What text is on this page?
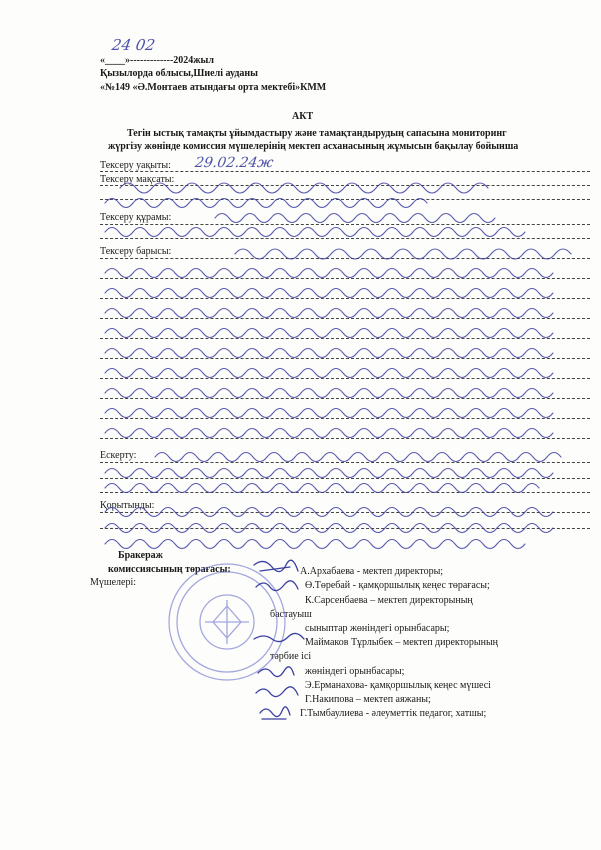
24 02
«____»-------------2024жыл
Қызылорда облысы,Шиелі ауданы
«№149 «Ә.Монтаев атындағы орта мектебі»КММ
АКТ
Тегін ыстық тамақты ұйымдастыру және тамақтандырудың сапасына мониторинг
жүргізу жөнінде комиссия мүшелерінің мектеп асханасының жұмысын бақылау бойынша
Тексеру уақыты: 29.02.24ж
Тексеру мақсаты:
Тексеру құрамы:
Тексеру барысы:
Ескерту:
Қорытынды:
Бракераж
комиссиясының төрағасы:
Мүшелері:
А.Архабаева - мектеп директоры;
Ө.Төребай - қамқоршылық кеңес төрағасы;
К.Сарсенбаева – мектеп директорының
бастауыш
сыныптар жөніндегі орынбасары;
Маймаков Тұрлыбек – мектеп директорының
тәрбие ісі
жөніндегі орынбасары;
Э.Ерманахова- қамқоршылық кеңес мүшесі
Г.Накипова – мектеп аяжаны;
Г.Тымбаулиева - әлеуметтік педагог, хатшы;
